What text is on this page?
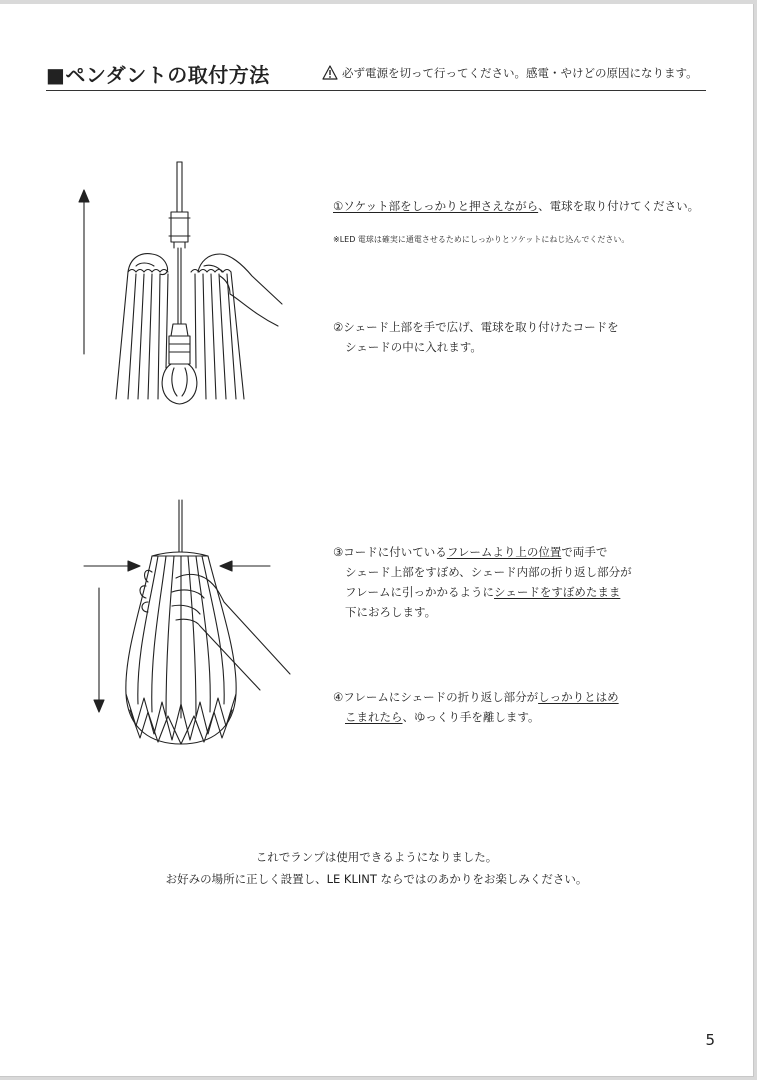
■ペンダントの取付方法	必ず電源を切って行ってください。感電・やけどの原因になります。
①ソケット部をしっかりと押さえながら、電球を取り付けてください。
※LED 電球は確実に通電させるためにしっかりとソケットにねじ込んでください。
②シェード上部を手で広げ、電球を取り付けたコードを
シェードの中に入れます。
③コードに付いているフレームより上の位置で両手で
シェード上部をすぼめ、シェード内部の折り返し部分が
フレームに引っかかるようにシェードをすぼめたまま
下におろします。
④フレームにシェードの折り返し部分がしっかりとはめ
こまれたら、ゆっくり手を離します。
これでランプは使用できるようになりました。
お好みの場所に正しく設置し、LE KLINT ならではのあかりをお楽しみください。
5
